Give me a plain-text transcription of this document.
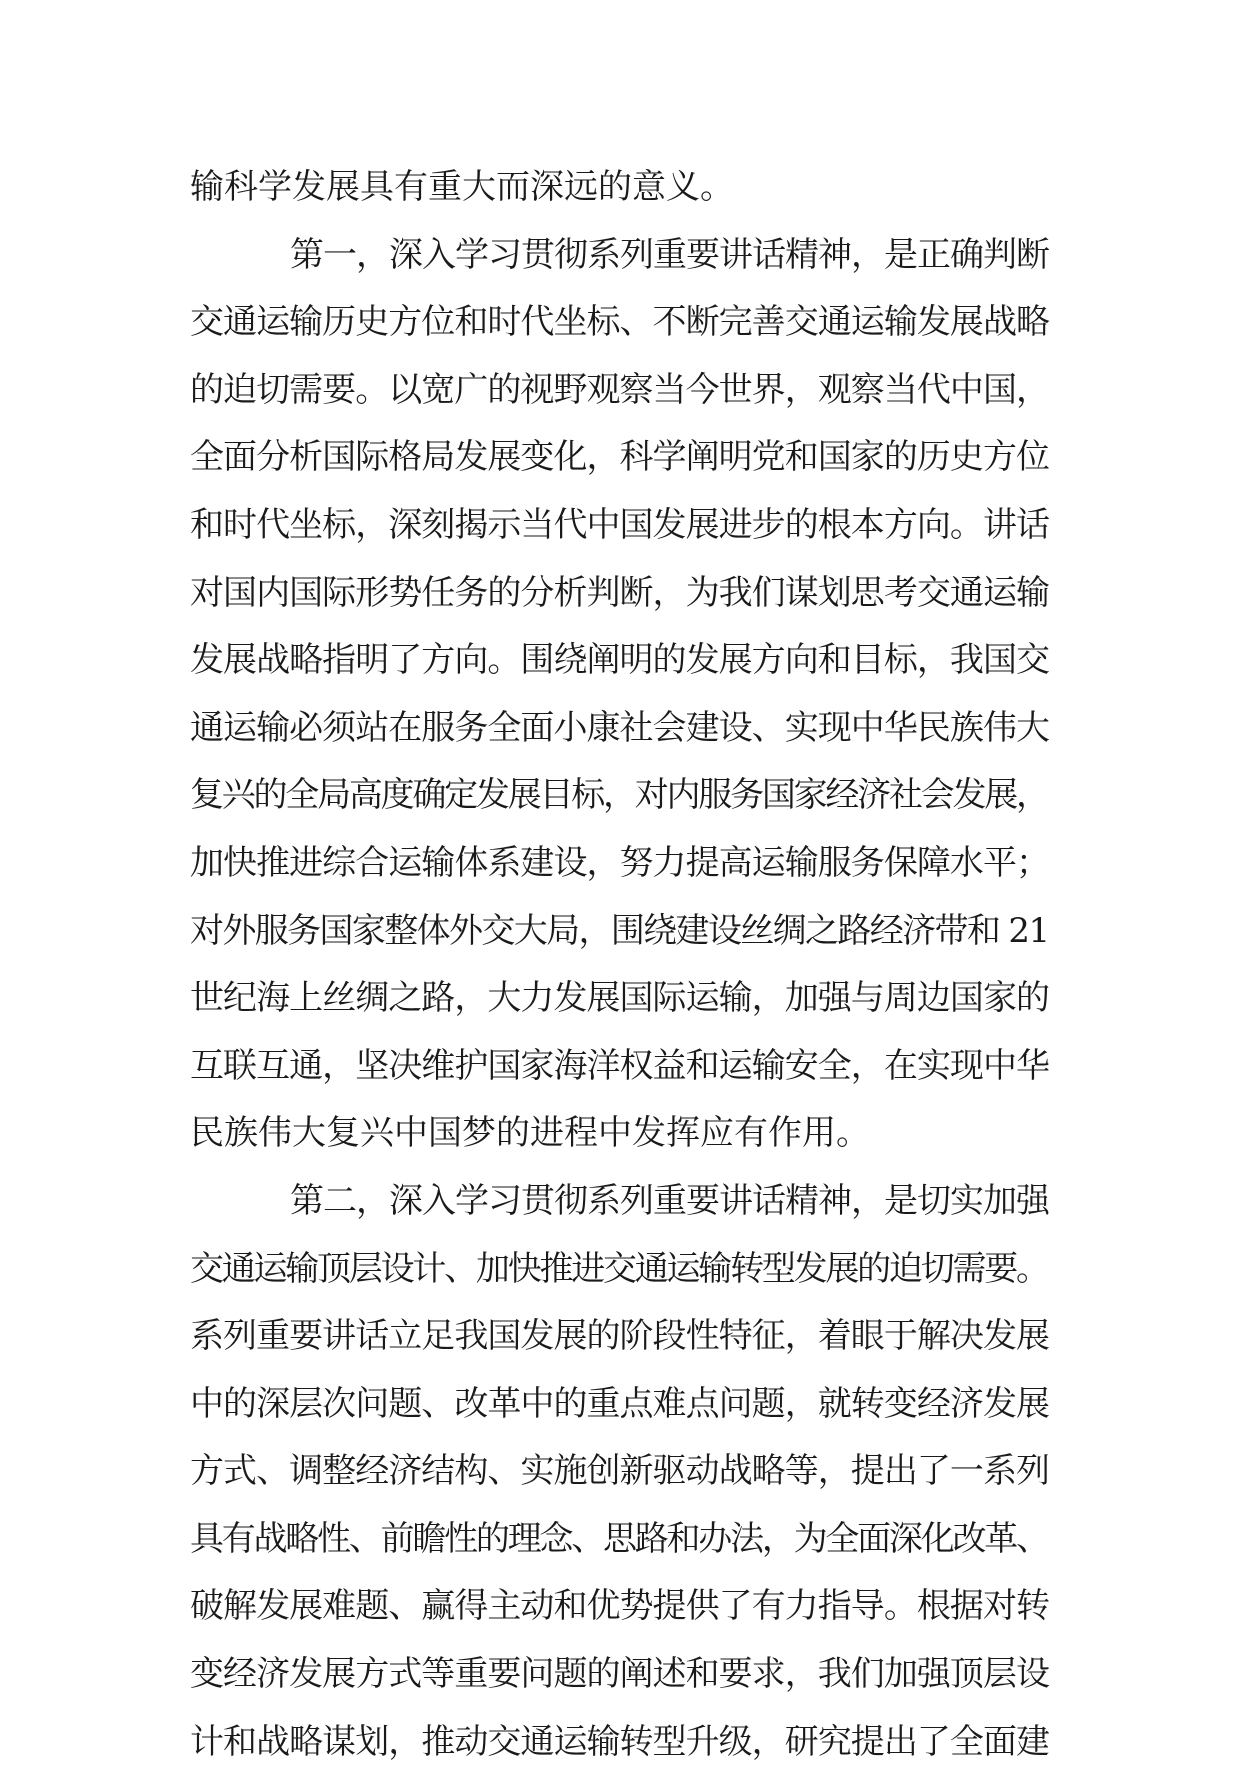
输科学发展具有重大而深远的意义。
第一，深入学习贯彻系列重要讲话精神，是正确判断
交通运输历史方位和时代坐标、不断完善交通运输发展战略
的迫切需要。以宽广的视野观察当今世界，观察当代中国，
全面分析国际格局发展变化，科学阐明党和国家的历史方位
和时代坐标，深刻揭示当代中国发展进步的根本方向。讲话
对国内国际形势任务的分析判断，为我们谋划思考交通运输
发展战略指明了方向。围绕阐明的发展方向和目标，我国交
通运输必须站在服务全面小康社会建设、实现中华民族伟大
复兴的全局高度确定发展目标，对内服务国家经济社会发展，
加快推进综合运输体系建设，努力提高运输服务保障水平；
对外服务国家整体外交大局，围绕建设丝绸之路经济带和 21
世纪海上丝绸之路，大力发展国际运输，加强与周边国家的
互联互通，坚决维护国家海洋权益和运输安全，在实现中华
民族伟大复兴中国梦的进程中发挥应有作用。
第二，深入学习贯彻系列重要讲话精神，是切实加强
交通运输顶层设计、加快推进交通运输转型发展的迫切需要。
系列重要讲话立足我国发展的阶段性特征，着眼于解决发展
中的深层次问题、改革中的重点难点问题，就转变经济发展
方式、调整经济结构、实施创新驱动战略等，提出了一系列
具有战略性、前瞻性的理念、思路和办法，为全面深化改革、
破解发展难题、赢得主动和优势提供了有力指导。根据对转
变经济发展方式等重要问题的阐述和要求，我们加强顶层设
计和战略谋划，推动交通运输转型升级，研究提出了全面建
